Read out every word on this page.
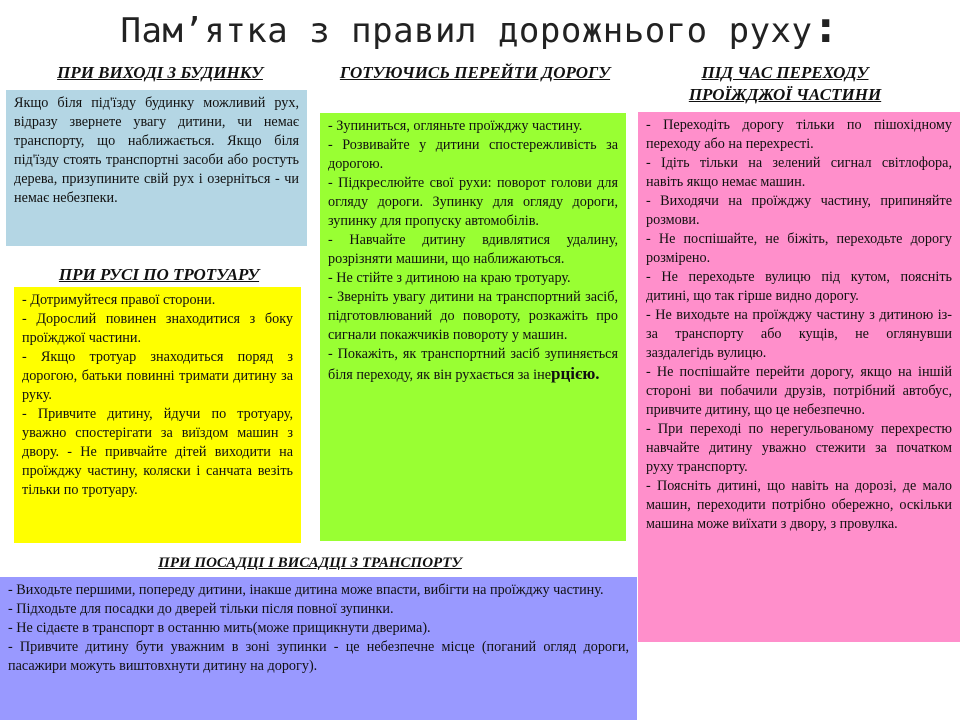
Пам’ятка з правил дорожнього руху:
ПРИ ВИХОДІ З БУДИНКУ

Якщо біля під'їзду будинку можливий рух, відразу звернете увагу дитини, чи немає транспорту, що наближається. Якщо біля під'їзду стоять транспортні засоби або ростуть дерева, призупините свій рух і озерніться - чи немає небезпеки.

ПРИ РУСІ ПО ТРОТУАРУ

- Дотримуйтеся правої сторони.

- Дорослий повинен знаходитися з боку проїжджої частини.

- Якщо тротуар знаходиться поряд з дорогою, батьки повинні тримати дитину за руку.

- Привчите дитину, йдучи по тротуару, уважно спостерігати за виїздом машин з двору. - Не привчайте дітей виходити на проїжджу частину, коляски і санчата везіть тільки по тротуару.

ГОТУЮЧИСЬ ПЕРЕЙТИ ДОРОГУ

- Зупиниться, огляньте проїжджу частину.

- Розвивайте у дитини спостережливість за дорогою.

- Підкреслюйте свої рухи: поворот голови для огляду дороги. Зупинку для огляду дороги, зупинку для пропуску автомобілів.

- Навчайте дитину вдивлятися удалину, розрізняти машини, що наближаються.

- Не стійте з дитиною на краю тротуару.

- Зверніть увагу дитини на транспортний засіб, підготовлюваний до повороту, розкажіть про сигнали покажчиків повороту у машин.

- Покажіть, як транспортний засіб зупиняється біля переходу, як він рухається за інерцією.

ПІД ЧАС ПЕРЕХОДУ ПРОЇЖДЖОЇ ЧАСТИНИ

- Переходіть дорогу тільки по пішохідному переходу або на перехресті.

- Ідіть тільки на зелений сигнал світлофора, навіть якщо немає машин.

- Виходячи на проїжджу частину, припиняйте розмови.

- Не поспішайте, не біжіть, переходьте дорогу розмірено.

- Не переходьте вулицю під кутом, поясніть дитині, що так гірше видно дорогу.

- Не виходьте на проїжджу частину з дитиною із-за транспорту або кущів, не оглянувши заздалегідь вулицю.

- Не поспішайте перейти дорогу, якщо на іншій стороні ви побачили друзів, потрібний автобус, привчите дитину, що це небезпечно.

- При переході по нерегульованому перехрестю навчайте дитину уважно стежити за початком руху транспорту.

- Поясніть дитині, що навіть на дорозі, де мало машин, переходити потрібно обережно, оскільки машина може виїхати з двору, з провулка.

ПРИ ПОСАДЦІ І ВИСАДЦІ З ТРАНСПОРТУ

- Виходьте першими, попереду дитини, інакше дитина може впасти, вибігти на проїжджу частину.

- Підходьте для посадки до дверей тільки після повної зупинки.

- Не сідаєте в транспорт в останню мить(може прищикнути дверима).

- Привчите дитину бути уважним в зоні зупинки - це небезпечне місце (поганий огляд дороги, пасажири можуть виштовхнути дитину на дорогу).
